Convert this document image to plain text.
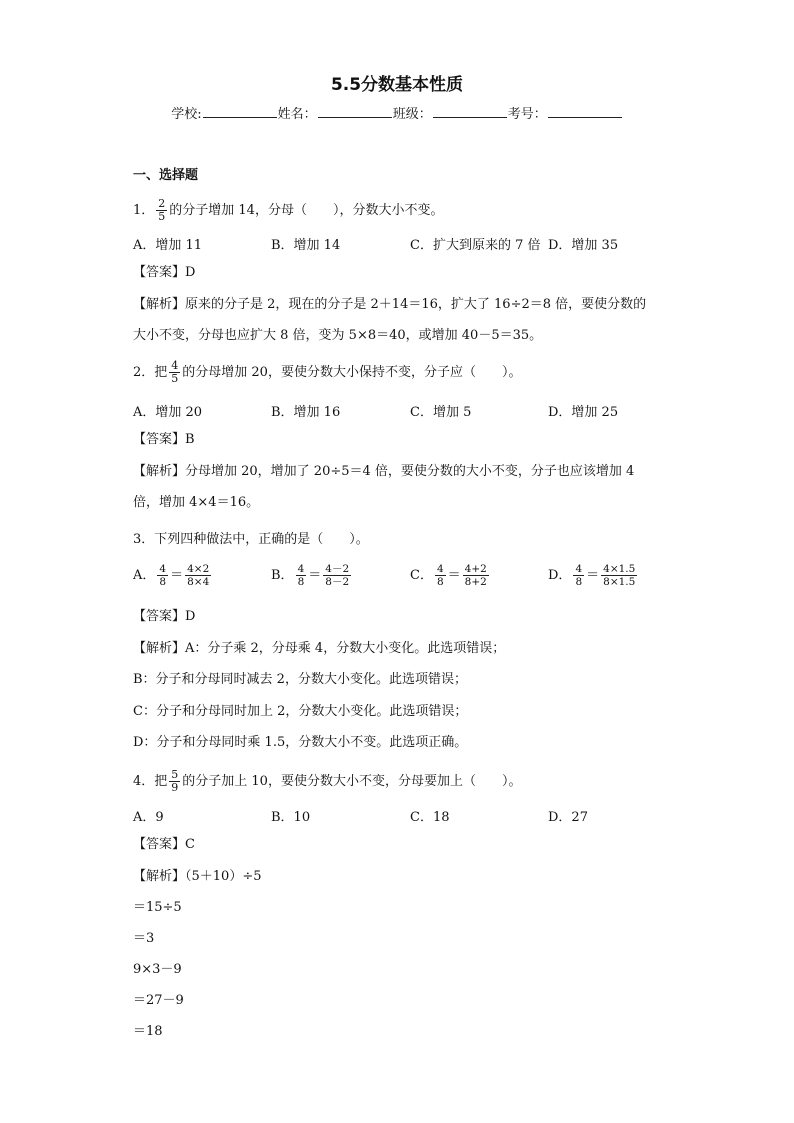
5.5分数基本性质
学校:	姓名：	班级：	考号：
一、选择题
1． $\frac{2}{5}$ 的分子增加 14，分母（　　），分数大小不变。
A．增加 11	B．增加 14	C．扩大到原来的 7 倍 D．增加 35
【答案】D
【解析】原来的分子是 2，现在的分子是 2＋14＝16，扩大了 16÷2＝8 倍，要使分数的
大小不变，分母也应扩大 8 倍，变为 5×8＝40，或增加 40－5＝35。
2．把 $\frac{4}{5}$ 的分母增加 20，要使分数大小保持不变，分子应（　　）。
A．增加 20	B．增加 16	C．增加 5	D．增加 25
【答案】B
【解析】分母增加 20，增加了 20÷5＝4 倍，要使分数的大小不变，分子也应该增加 4
倍，增加 4×4＝16。
3．下列四种做法中，正确的是（　　）。
A． $\frac{4}{8} = \frac{4\times 2}{8\times 4}$	B． $\frac{4}{8} = \frac{4-2}{8-2}$	C． $\frac{4}{8} = \frac{4+2}{8+2}$	D． $\frac{4}{8} = \frac{4\times 1.5}{8\times 1.5}$
【答案】D
【解析】A：分子乘 2，分母乘 4，分数大小变化。此选项错误；
B：分子和分母同时减去 2，分数大小变化。此选项错误；
C：分子和分母同时加上 2，分数大小变化。此选项错误；
D：分子和分母同时乘 1.5，分数大小不变。此选项正确。
4．把 $\frac{5}{9}$ 的分子加上 10，要使分数大小不变，分母要加上（　　）。
A．9	B．10	C．18	D．27
【答案】C
【解析】（5＋10）÷5
＝15÷5
＝3
9×3－9
＝27－9
＝18
